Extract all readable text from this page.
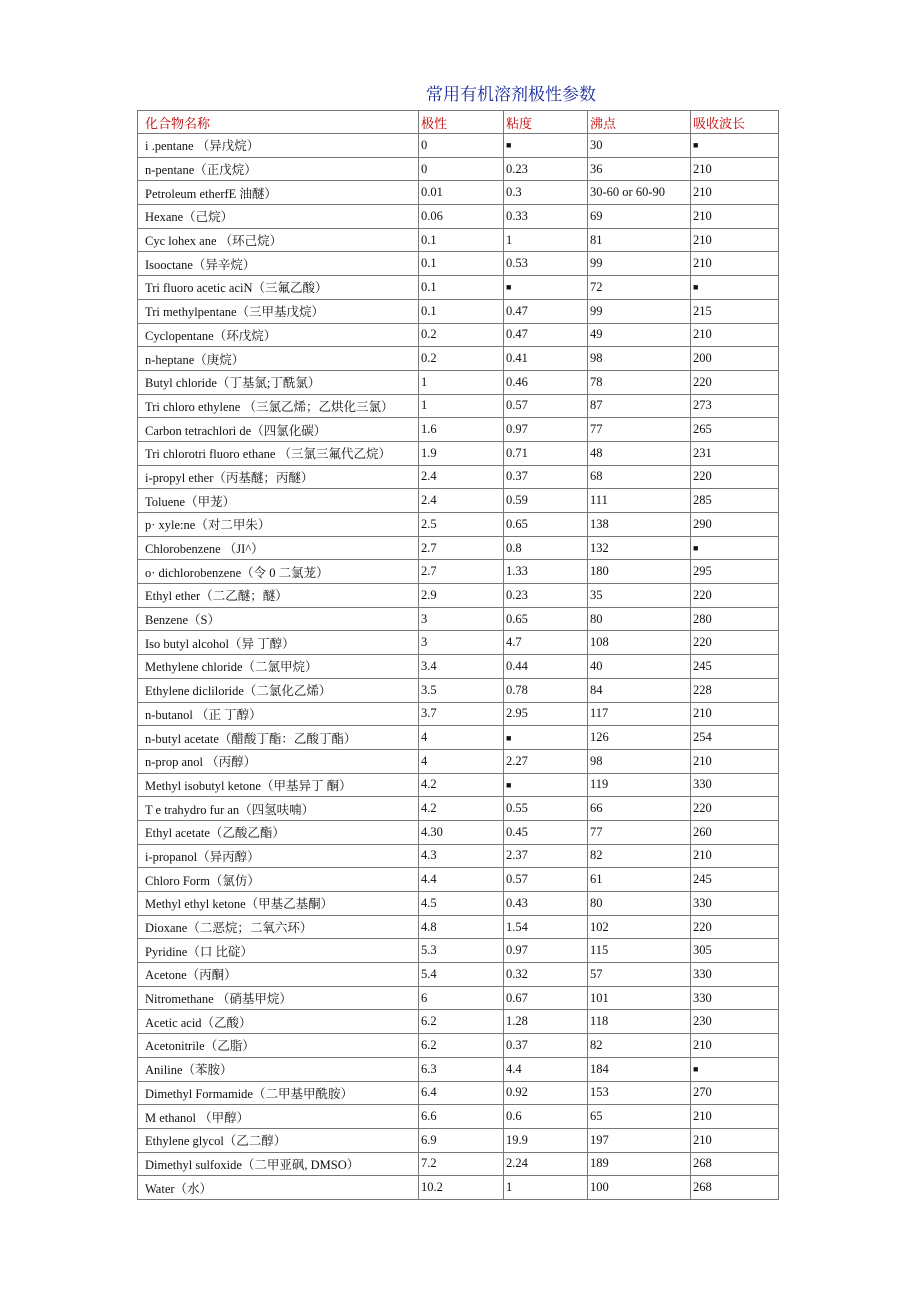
常用有机溶剂极性参数
化合物名称	极性	粘度	沸点	吸收波长
i .pentane （异戊烷）	0	■	30	■
n-pentane（正戊烷）	0	0.23	36	210
Petroleum etherfE 油醚）	0.01	0.3	30-60 or 60-90	210
Hexane（己烷）	0.06	0.33	69	210
Cyc lohex ane （环己烷）	0.1	1	81	210
Isooctane（异辛烷）	0.1	0.53	99	210
Tri fluoro acetic aciN（三氟乙酸）	0.1	■	72	■
Tri methylpentane（三甲基戊烷）	0.1	0.47	99	215
Cyclopentane（环戊烷）	0.2	0.47	49	210
n-heptane（庚烷）	0.2	0.41	98	200
Butyl chloride（丁基氯;丁酰氯）	1	0.46	78	220
Tri chloro ethylene （三氯乙烯；乙烘化三氯）	1	0.57	87	273
Carbon tetrachlori de（四氯化碳）	1.6	0.97	77	265
Tri chlorotri fluoro ethane （三氯三氟代乙烷）	1.9	0.71	48	231
i-propyl ether（丙基醚；丙醚）	2.4	0.37	68	220
Toluene（甲茏）	2.4	0.59	111	285
p· xyle:ne（对二甲朱）	2.5	0.65	138	290
Chlorobenzene （JI^）	2.7	0.8	132	■
ο· dichlorobenzene（令 0 二氯茏）	2.7	1.33	180	295
Ethyl ether（二乙醚；醚）	2.9	0.23	35	220
Benzene（S）	3	0.65	80	280
Iso butyl alcohol（异 丁醇）	3	4.7	108	220
Methylene chloride（二氯甲烷）	3.4	0.44	40	245
Ethylene dicliloride（二氯化乙烯）	3.5	0.78	84	228
n-butanol （正 丁醇）	3.7	2.95	117	210
n-butyl acetate（醋酸丁酯：乙酸丁酯）	4	■	126	254
n-prop anol （丙醇）	4	2.27	98	210
Methyl isobutyl ketone（甲基异丁 酮）	4.2	■	119	330
T e trahydro fur an（四氢呋喃）	4.2	0.55	66	220
Ethyl acetate（乙酸乙酯）	4.30	0.45	77	260
i-propanol（异丙醇）	4.3	2.37	82	210
Chloro Form（氯仿）	4.4	0.57	61	245
Methyl ethyl ketone（甲基乙基酮）	4.5	0.43	80	330
Dioxane（二恶烷；二氧六环）	4.8	1.54	102	220
Pyridine（口 比碇）	5.3	0.97	115	305
Acetone（丙酮）	5.4	0.32	57	330
Nitromethane （硝基甲烷）	6	0.67	101	330
Acetic acid（乙酸）	6.2	1.28	118	230
Acetonitrile（乙脂）	6.2	0.37	82	210
Aniline（苯胺）	6.3	4.4	184	■
Dimethyl Formamide（二甲基甲酰胺）	6.4	0.92	153	270
M ethanol （甲醇）	6.6	0.6	65	210
Ethylene glycol（乙二醇）	6.9	19.9	197	210
Dimethyl sulfoxide（二甲亚砜, DMSO）	7.2	2.24	189	268
Water（水）	10.2	1	100	268
